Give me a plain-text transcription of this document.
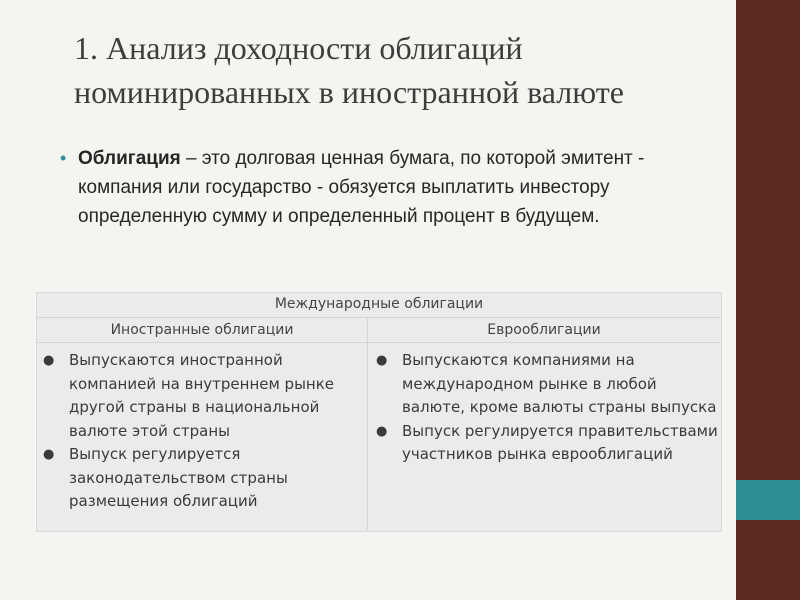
1. Анализ доходности облигаций
номинированных в иностранной валюте
• Облигация – это долговая ценная бумага, по которой эмитент - компания или государство - обязуется выплатить инвестору определенную сумму и определенный процент в будущем.
Международные облигации
Иностранные облигации	Еврооблигации
● Выпускаются иностранной компанией на внутреннем рынке другой страны в национальной валюте этой страны
● Выпуск регулируется законодательством страны размещения облигаций
● Выпускаются компаниями на международном рынке в любой валюте, кроме валюты страны выпуска
● Выпуск регулируется правительствами участников рынка еврооблигаций
